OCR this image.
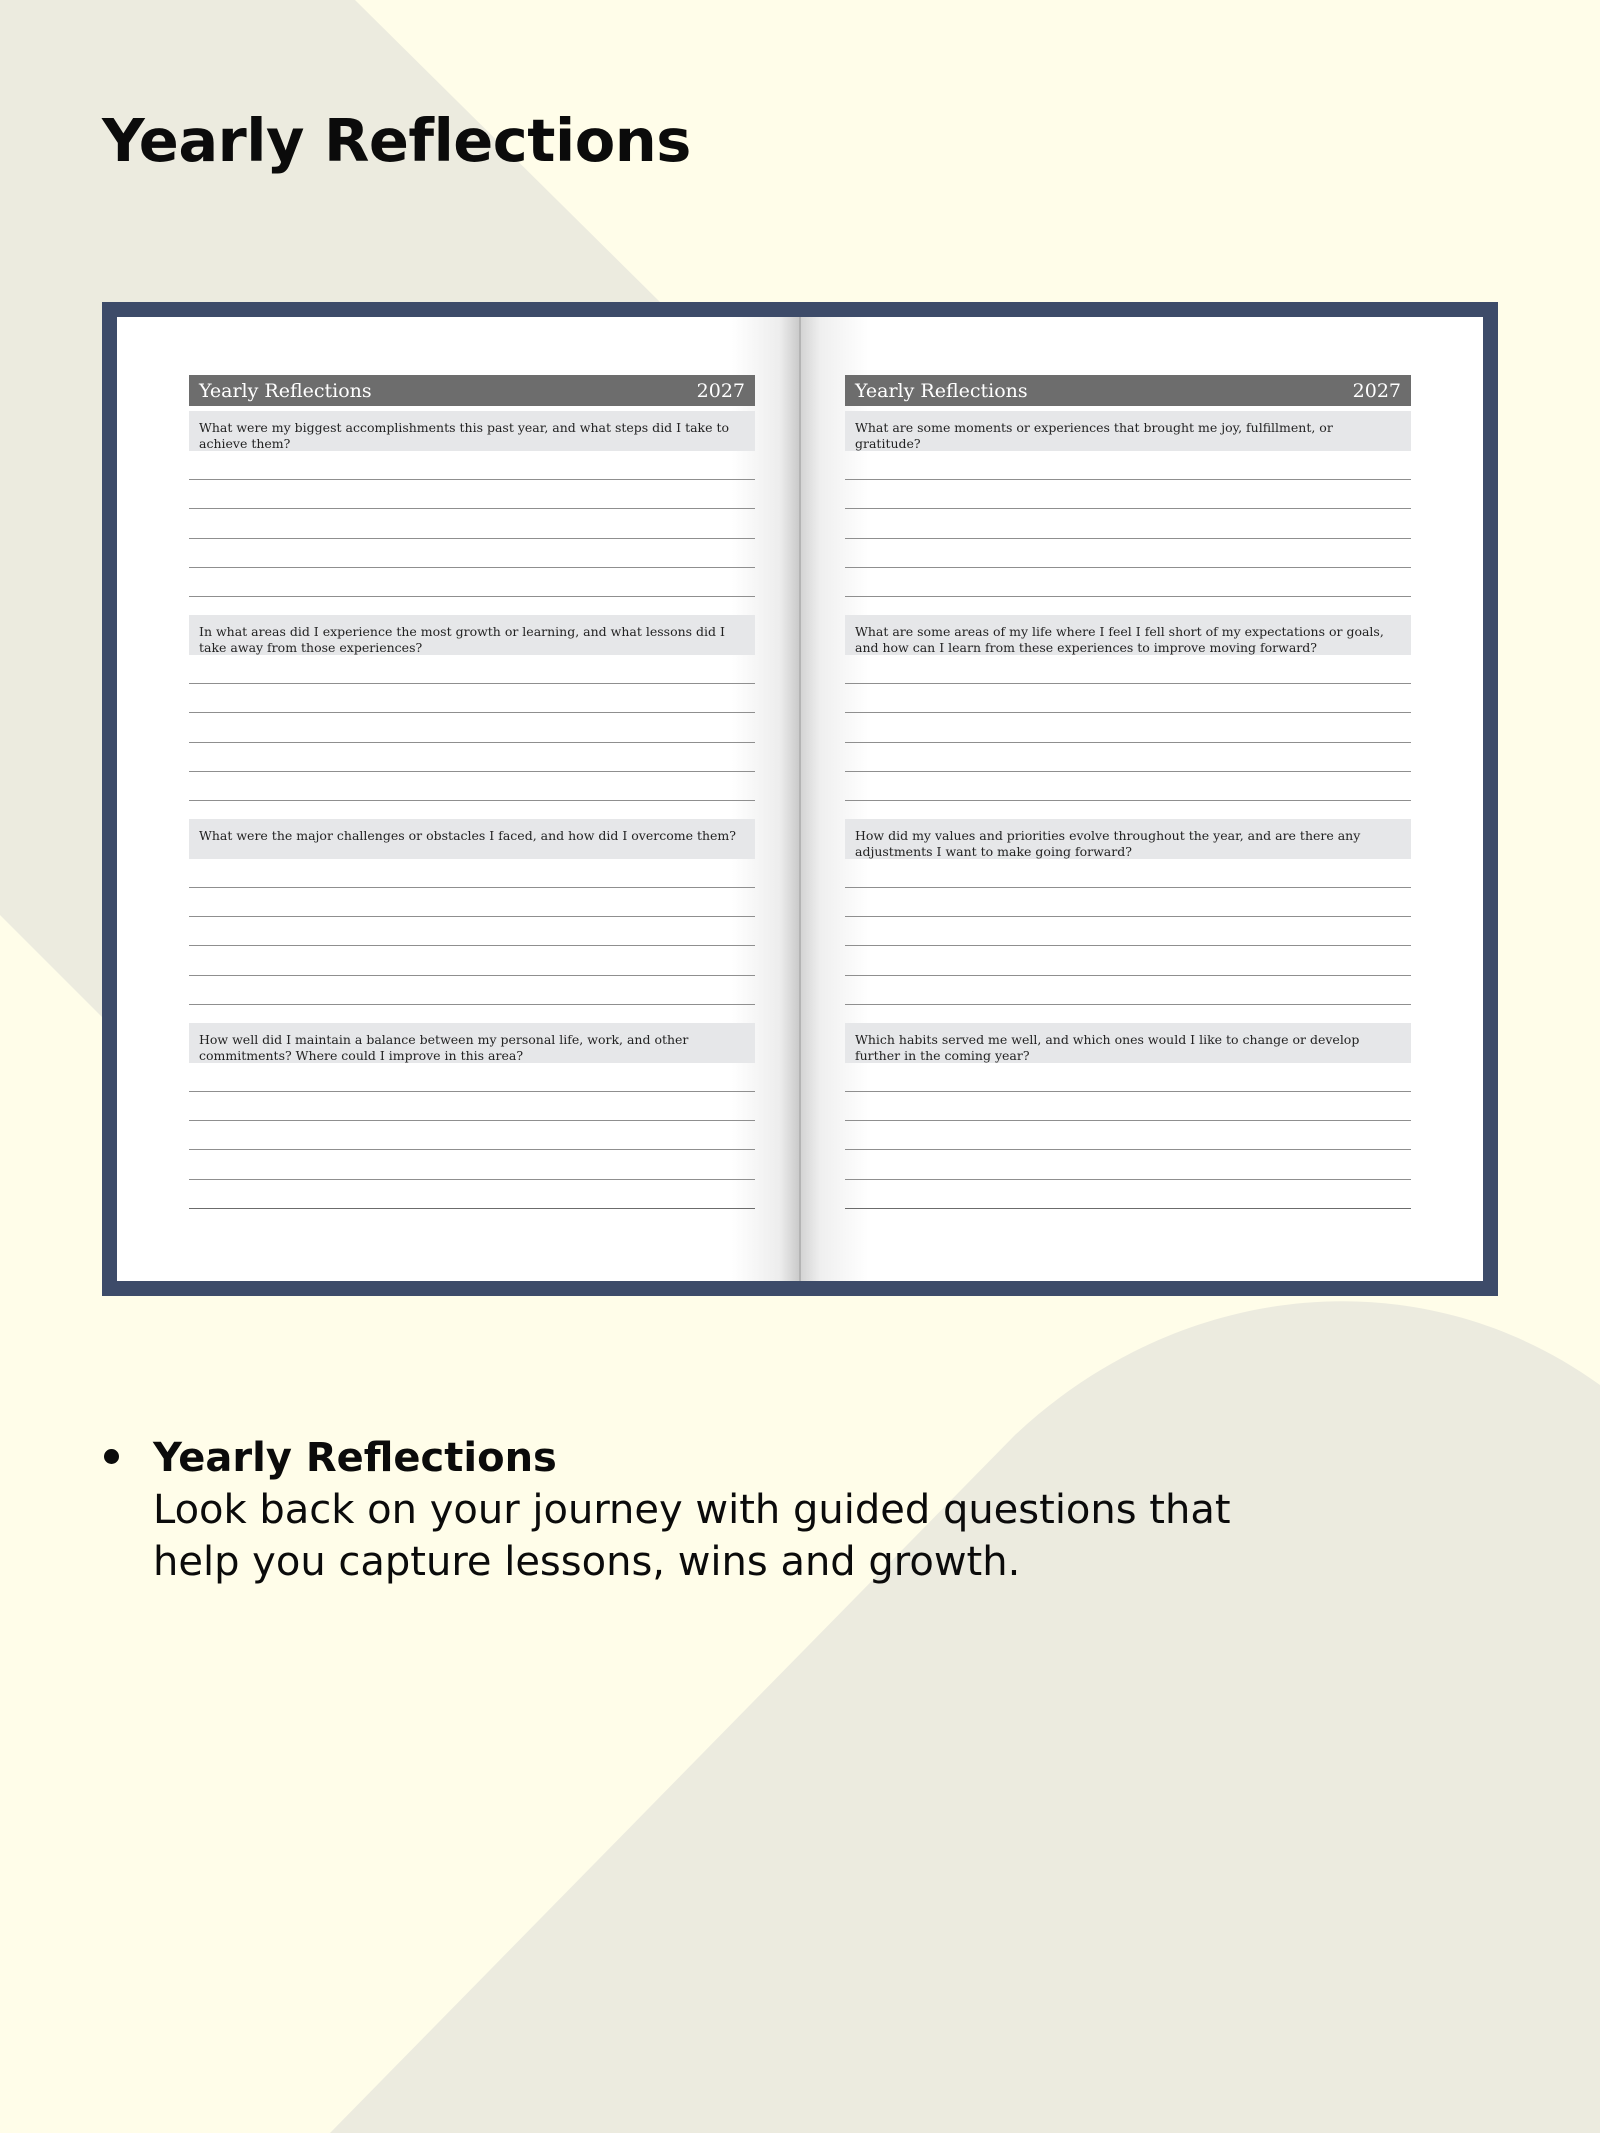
Yearly Reflections
Yearly Reflections	2027
What were my biggest accomplishments this past year, and what steps did I take to achieve them?
In what areas did I experience the most growth or learning, and what lessons did I take away from those experiences?
What were the major challenges or obstacles I faced, and how did I overcome them?
How well did I maintain a balance between my personal life, work, and other commitments? Where could I improve in this area?
Yearly Reflections	2027
What are some moments or experiences that brought me joy, fulfillment, or gratitude?
What are some areas of my life where I feel I fell short of my expectations or goals, and how can I learn from these experiences to improve moving forward?
How did my values and priorities evolve throughout the year, and are there any adjustments I want to make going forward?
Which habits served me well, and which ones would I like to change or develop further in the coming year?
Yearly Reflections
Look back on your journey with guided questions that help you capture lessons, wins and growth.
